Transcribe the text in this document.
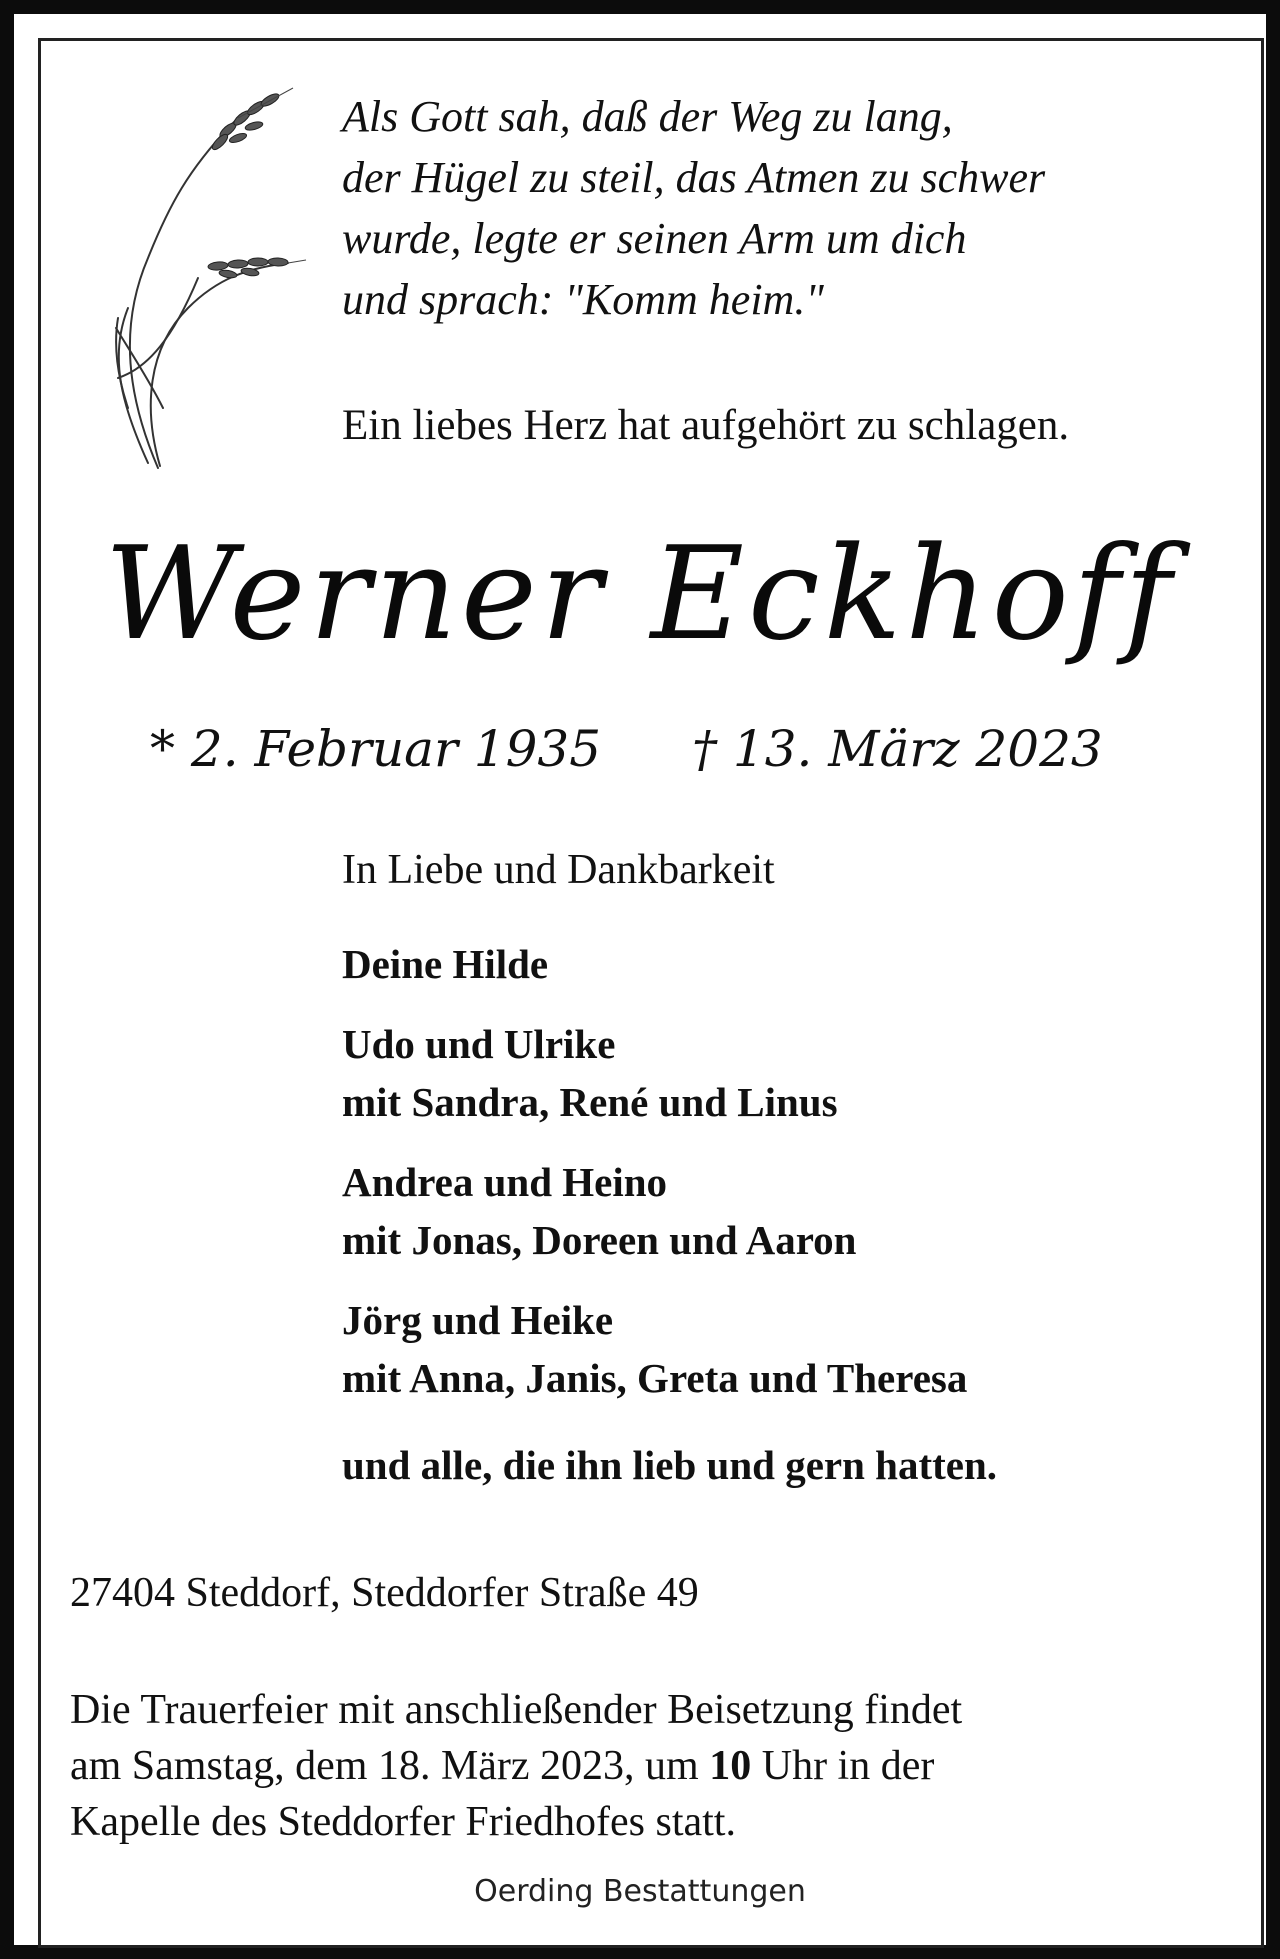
Als Gott sah, daß der Weg zu lang,
der Hügel zu steil, das Atmen zu schwer
wurde, legte er seinen Arm um dich
und sprach: "Komm heim."
Ein liebes Herz hat aufgehört zu schlagen.
Werner Eckhoff
* 2. Februar 1935 † 13. März 2023
In Liebe und Dankbarkeit
Deine Hilde
Udo und Ulrike
mit Sandra, René und Linus
Andrea und Heino
mit Jonas, Doreen und Aaron
Jörg und Heike
mit Anna, Janis, Greta und Theresa
und alle, die ihn lieb und gern hatten.
27404 Steddorf, Steddorfer Straße 49
Die Trauerfeier mit anschließender Beisetzung findet
am Samstag, dem 18. März 2023, um 10 Uhr in der
Kapelle des Steddorfer Friedhofes statt.
Oerding Bestattungen
